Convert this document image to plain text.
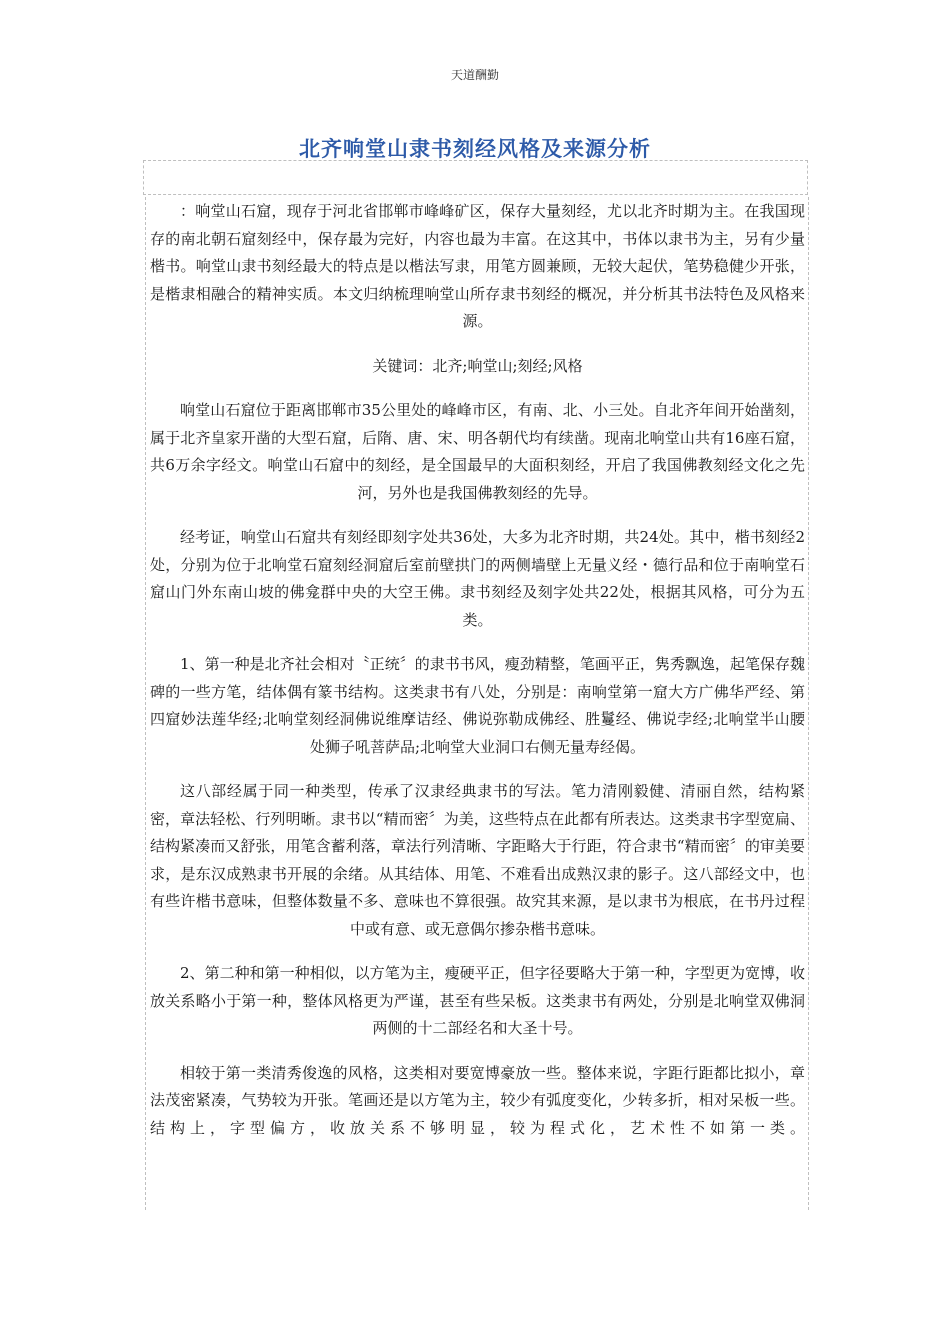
天道酬勤
北齐响堂山隶书刻经风格及来源分析

：响堂山石窟，现存于河北省邯郸市峰峰矿区，保存大量刻经，尤以北齐时期为主。在我国现存的南北朝石窟刻经中，保存最为完好，内容也最为丰富。在这其中，书体以隶书为主，另有少量楷书。响堂山隶书刻经最大的特点是以楷法写隶，用笔方圆兼顾，无较大起伏，笔势稳健少开张，是楷隶相融合的精神实质。本文归纳梳理响堂山所存隶书刻经的概况，并分析其书法特色及风格来源。

关键词：北齐;响堂山;刻经;风格

响堂山石窟位于距离邯郸市35公里处的峰峰市区，有南、北、小三处。自北齐年间开始凿刻，属于北齐皇家开凿的大型石窟，后隋、唐、宋、明各朝代均有续凿。现南北响堂山共有16座石窟，共6万余字经文。响堂山石窟中的刻经，是全国最早的大面积刻经，开启了我国佛教刻经文化之先河，另外也是我国佛教刻经的先导。

经考证，响堂山石窟共有刻经即刻字处共36处，大多为北齐时期，共24处。其中，楷书刻经2处，分别为位于北响堂石窟刻经洞窟后室前壁拱门的两侧墙壁上无量义经・德行品和位于南响堂石窟山门外东南山坡的佛龛群中央的大空王佛。隶书刻经及刻字处共22处，根据其风格，可分为五类。

1、第一种是北齐社会相对〝正统〞的隶书书风，瘦劲精整，笔画平正，隽秀飘逸，起笔保存魏碑的一些方笔，结体偶有篆书结构。这类隶书有八处，分别是：南响堂第一窟大方广佛华严经、第四窟妙法莲华经;北响堂刻经洞佛说维摩诘经、佛说弥勒成佛经、胜鬘经、佛说孛经;北响堂半山腰处狮子吼菩萨品;北响堂大业洞口右侧无量寿经偈。

这八部经属于同一种类型，传承了汉隶经典隶书的写法。笔力清刚毅健、清丽自然，结构紧密，章法轻松、行列明晰。隶书以“精而密〞为美，这些特点在此都有所表达。这类隶书字型宽扁、结构紧凑而又舒张，用笔含蓄利落，章法行列清晰、字距略大于行距，符合隶书“精而密〞的审美要求，是东汉成熟隶书开展的余绪。从其结体、用笔、不难看出成熟汉隶的影子。这八部经文中，也有些许楷书意味，但整体数量不多、意味也不算很强。故究其来源，是以隶书为根底，在书丹过程中或有意、或无意偶尔掺杂楷书意味。

2、第二种和第一种相似，以方笔为主，瘦硬平正，但字径要略大于第一种，字型更为宽博，收放关系略小于第一种，整体风格更为严谨，甚至有些呆板。这类隶书有两处，分别是北响堂双佛洞两侧的十二部经名和大圣十号。

相较于第一类清秀俊逸的风格，这类相对要宽博豪放一些。整体来说，字距行距都比拟小，章法茂密紧凑，气势较为开张。笔画还是以方笔为主，较少有弧度变化，少转多折，相对呆板一些。结构上，字型偏方，收放关系不够明显，较为程式化，艺术性不如第一类。
